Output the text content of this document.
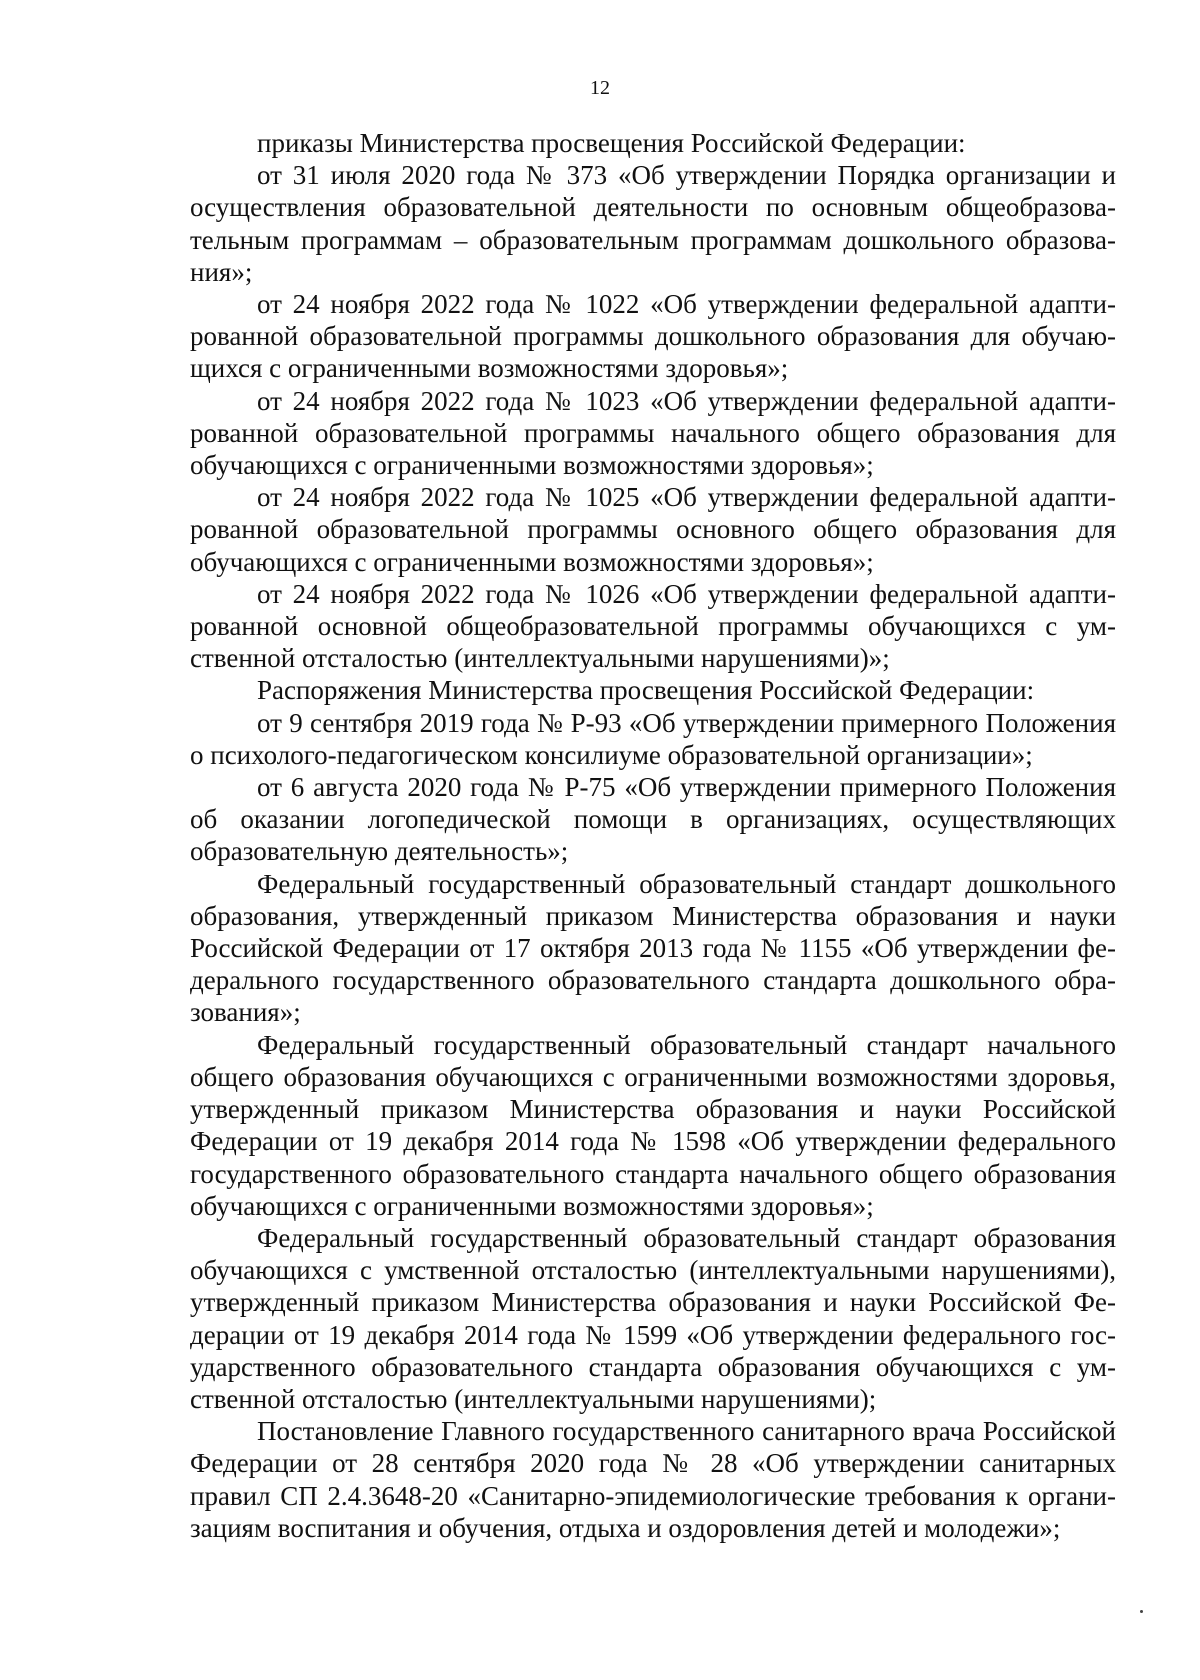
12

приказы Министерства просвещения Российской Федерации:

от 31 июля 2020 года № 373 «Об утверждении Порядка организации и осуществления образовательной деятельности по основным общеобразовательным программам – образовательным программам дошкольного образования»;

от 24 ноября 2022 года № 1022 «Об утверждении федеральной адаптированной образовательной программы дошкольного образования для обучающихся с ограниченными возможностями здоровья»;

от 24 ноября 2022 года № 1023 «Об утверждении федеральной адаптированной образовательной программы начального общего образования для обучающихся с ограниченными возможностями здоровья»;

от 24 ноября 2022 года № 1025 «Об утверждении федеральной адаптированной образовательной программы основного общего образования для обучающихся с ограниченными возможностями здоровья»;

от 24 ноября 2022 года № 1026 «Об утверждении федеральной адаптированной основной общеобразовательной программы обучающихся с умственной отсталостью (интеллектуальными нарушениями)»;

Распоряжения Министерства просвещения Российской Федерации:

от 9 сентября 2019 года № Р-93 «Об утверждении примерного Положения о психолого-педагогическом консилиуме образовательной организации»;

от 6 августа 2020 года № Р-75 «Об утверждении примерного Положения об оказании логопедической помощи в организациях, осуществляющих образовательную деятельность»;

Федеральный государственный образовательный стандарт дошкольного образования, утвержденный приказом Министерства образования и науки Российской Федерации от 17 октября 2013 года № 1155 «Об утверждении федерального государственного образовательного стандарта дошкольного образования»;

Федеральный государственный образовательный стандарт начального общего образования обучающихся с ограниченными возможностями здоровья, утвержденный приказом Министерства образования и науки Российской Федерации от 19 декабря 2014 года № 1598 «Об утверждении федерального государственного образовательного стандарта начального общего образования обучающихся с ограниченными возможностями здоровья»;

Федеральный государственный образовательный стандарт образования обучающихся с умственной отсталостью (интеллектуальными нарушениями), утвержденный приказом Министерства образования и науки Российской Федерации от 19 декабря 2014 года № 1599 «Об утверждении федерального государственного образовательного стандарта образования обучающихся с умственной отсталостью (интеллектуальными нарушениями);

Постановление Главного государственного санитарного врача Российской Федерации от 28 сентября 2020 года № 28 «Об утверждении санитарных правил СП 2.4.3648-20 «Санитарно-эпидемиологические требования к организациям воспитания и обучения, отдыха и оздоровления детей и молодежи»;
